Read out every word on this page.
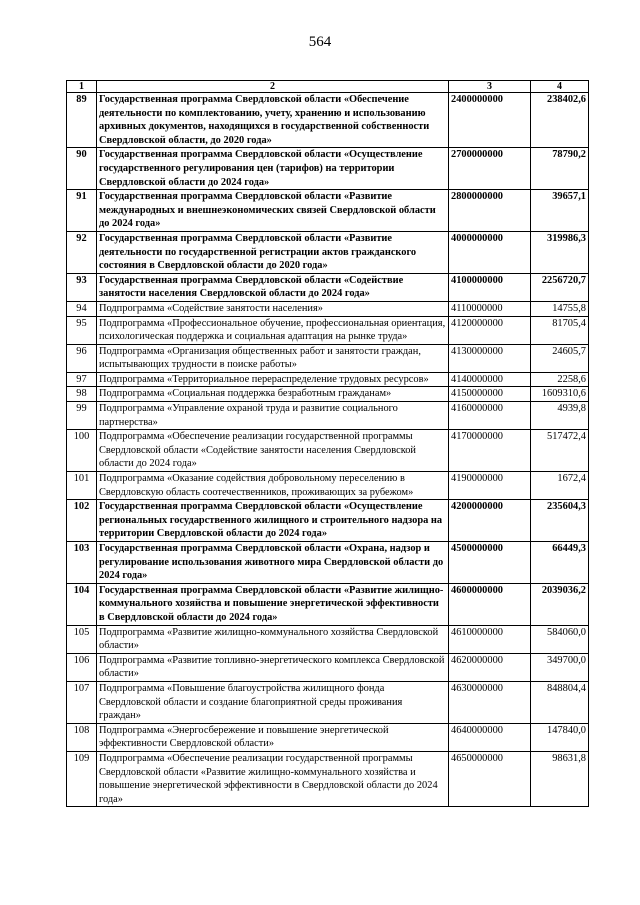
564
1	2	3	4
89	Государственная программа Свердловской области «Обеспечение деятельности по комплектованию, учету, хранению и использованию архивных документов, находящихся в государственной собственности Свердловской области, до 2020 года»	2400000000	238402,6
90	Государственная программа Свердловской области «Осуществление государственного регулирования цен (тарифов) на территории Свердловской области до 2024 года»	2700000000	78790,2
91	Государственная программа Свердловской области «Развитие международных и внешнеэкономических связей Свердловской области до 2024 года»	2800000000	39657,1
92	Государственная программа Свердловской области «Развитие деятельности по государственной регистрации актов гражданского состояния в Свердловской области до 2020 года»	4000000000	319986,3
93	Государственная программа Свердловской области «Содействие занятости населения Свердловской области до 2024 года»	4100000000	2256720,7
94	Подпрограмма «Содействие занятости населения»	4110000000	14755,8
95	Подпрограмма «Профессиональное обучение, профессиональная ориентация, психологическая поддержка и социальная адаптация на рынке труда»	4120000000	81705,4
96	Подпрограмма «Организация общественных работ и занятости граждан, испытывающих трудности в поиске работы»	4130000000	24605,7
97	Подпрограмма «Территориальное перераспределение трудовых ресурсов»	4140000000	2258,6
98	Подпрограмма «Социальная поддержка безработным гражданам»	4150000000	1609310,6
99	Подпрограмма «Управление охраной труда и развитие социального партнерства»	4160000000	4939,8
100	Подпрограмма «Обеспечение реализации государственной программы Свердловской области «Содействие занятости населения Свердловской области до 2024 года»	4170000000	517472,4
101	Подпрограмма «Оказание содействия добровольному переселению в Свердловскую область соотечественников, проживающих за рубежом»	4190000000	1672,4
102	Государственная программа Свердловской области «Осуществление региональных государственного жилищного и строительного надзора на территории Свердловской области до 2024 года»	4200000000	235604,3
103	Государственная программа Свердловской области «Охрана, надзор и регулирование использования животного мира Свердловской области до 2024 года»	4500000000	66449,3
104	Государственная программа Свердловской области «Развитие жилищно-коммунального хозяйства и повышение энергетической эффективности в Свердловской области до 2024 года»	4600000000	2039036,2
105	Подпрограмма «Развитие жилищно-коммунального хозяйства Свердловской области»	4610000000	584060,0
106	Подпрограмма «Развитие топливно-энергетического комплекса Свердловской области»	4620000000	349700,0
107	Подпрограмма «Повышение благоустройства жилищного фонда Свердловской области и создание благоприятной среды проживания граждан»	4630000000	848804,4
108	Подпрограмма «Энергосбережение и повышение энергетической эффективности Свердловской области»	4640000000	147840,0
109	Подпрограмма «Обеспечение реализации государственной программы Свердловской области «Развитие жилищно-коммунального хозяйства и повышение энергетической эффективности в Свердловской области до 2024 года»	4650000000	98631,8
